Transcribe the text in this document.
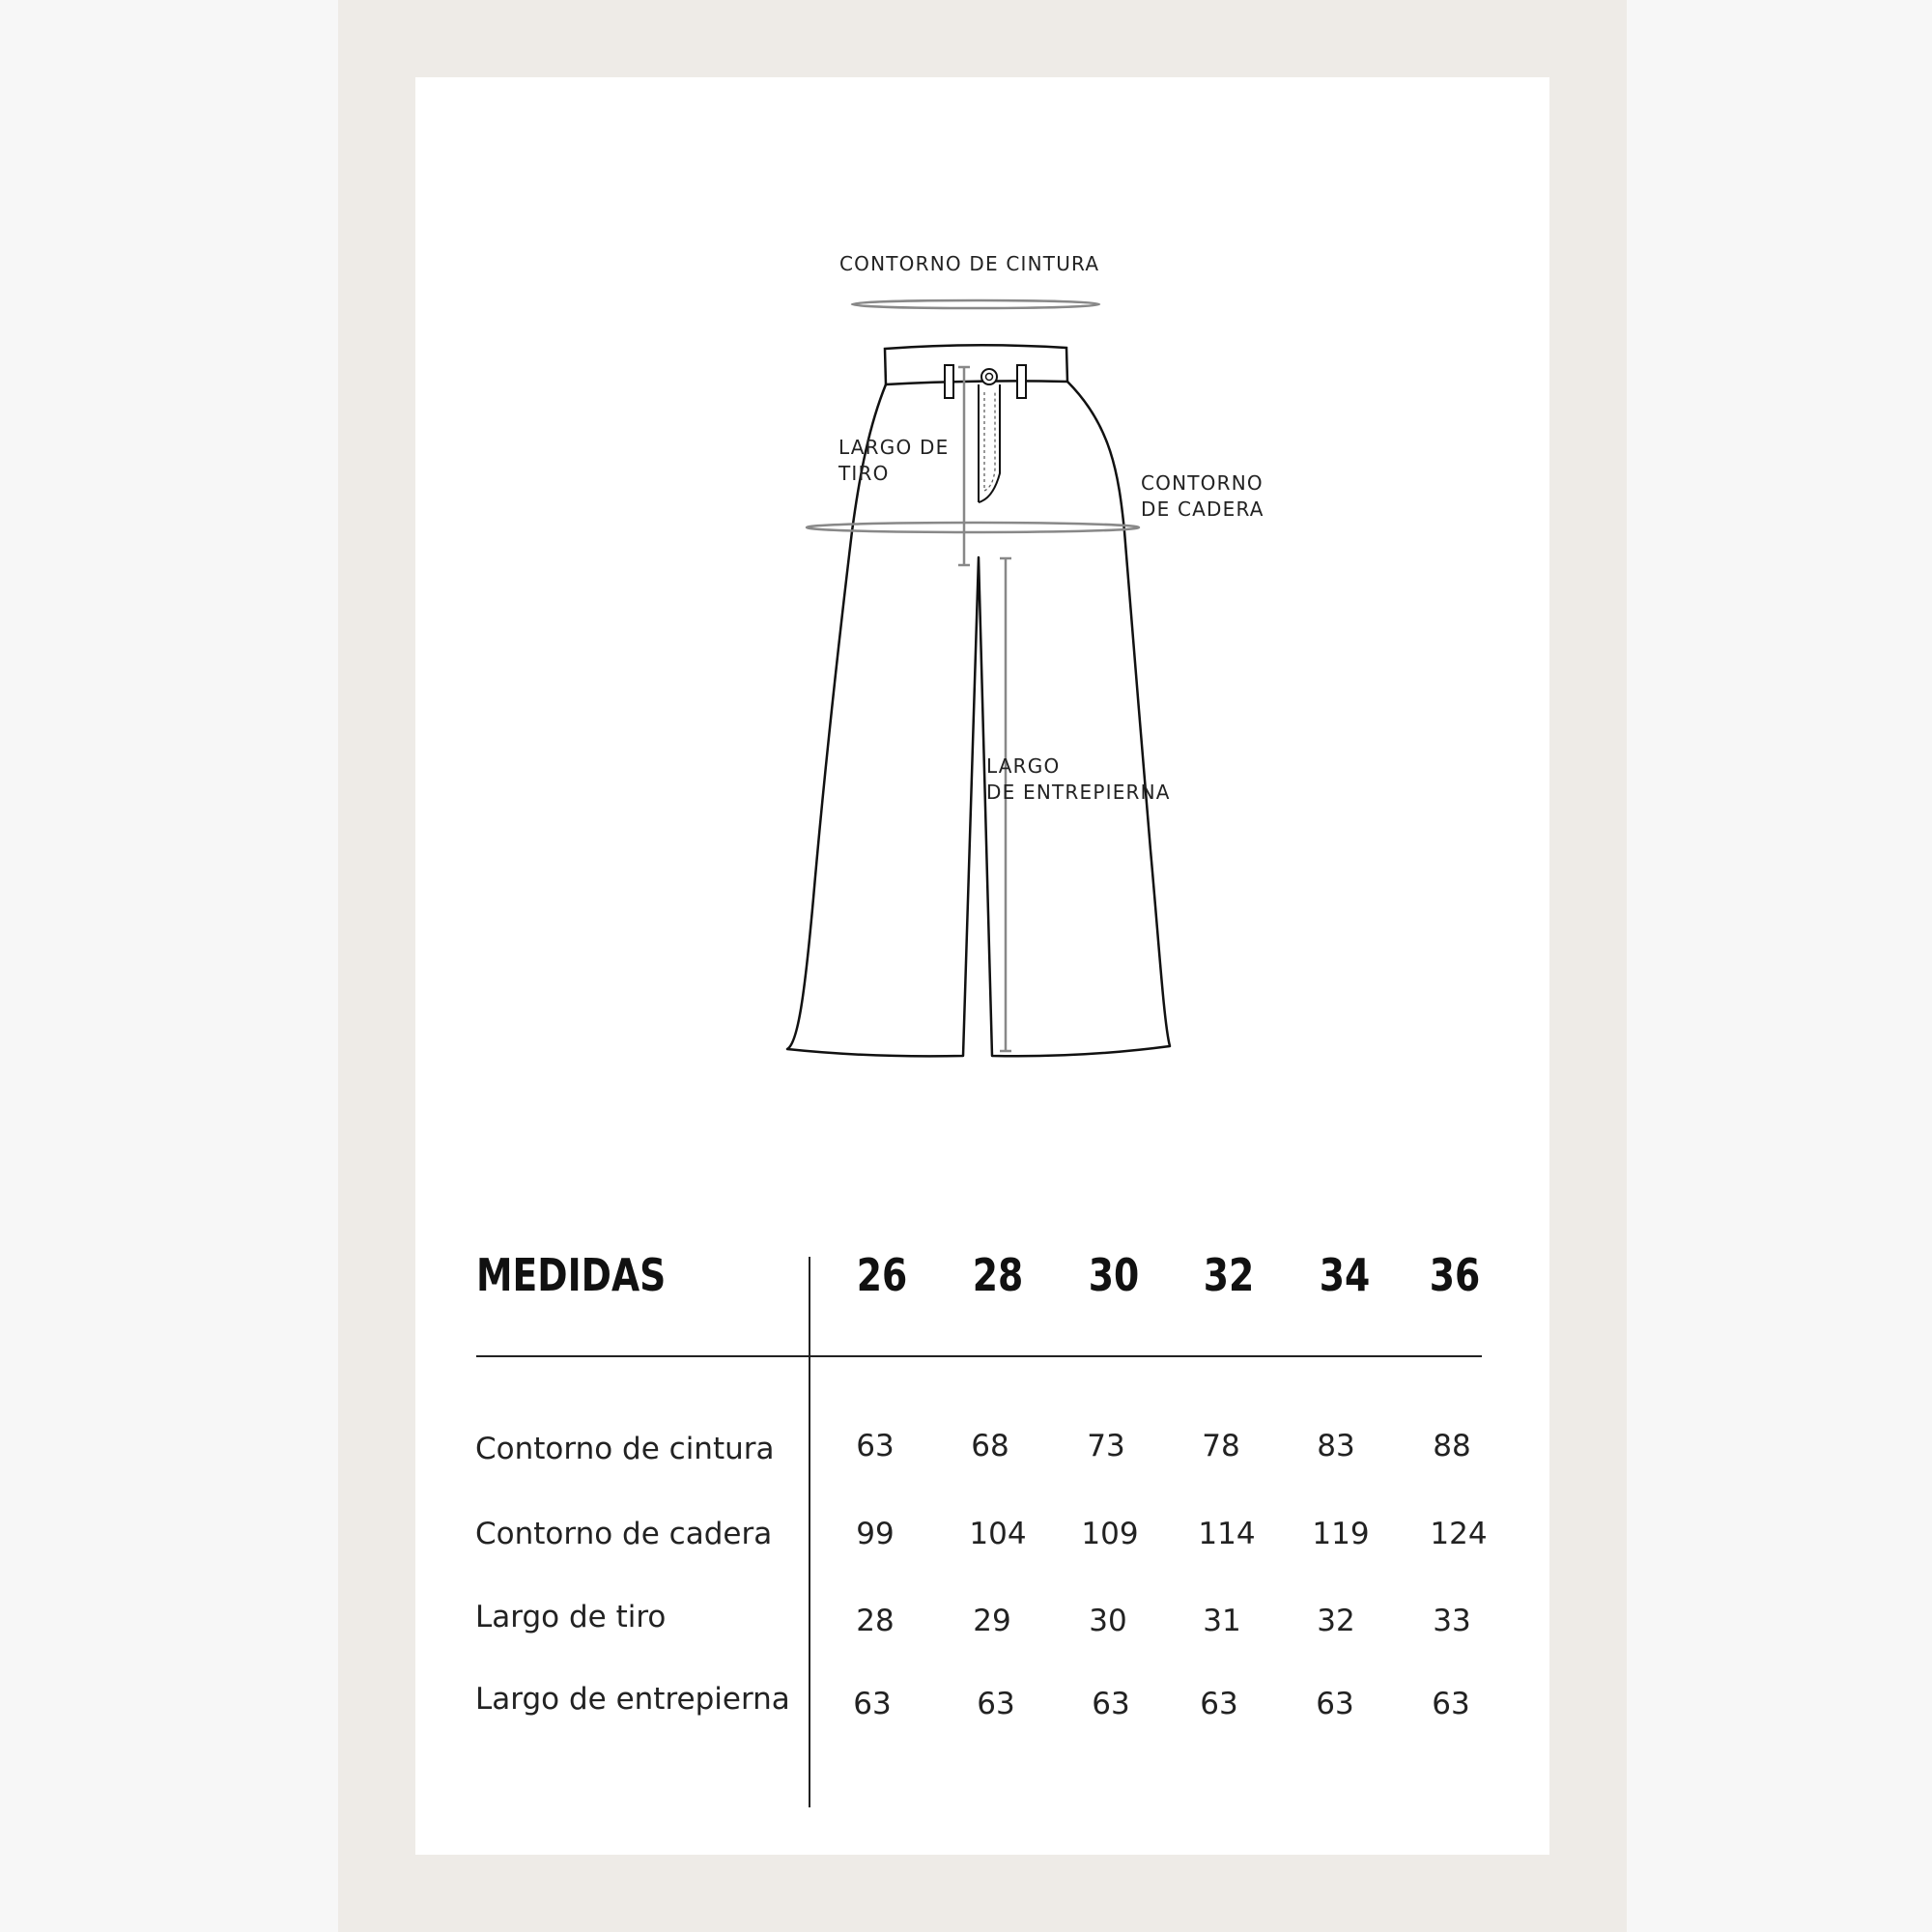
CONTORNO DE CINTURA

LARGO DE
TIRO	CONTORNO
DE CADERA

LARGO
DE ENTREPIERNA

MEDIDAS	26	28	30	32	34	36
Contorno de cintura	63	68	73	78	83	88
Contorno de cadera	99	104	109	114	119	124
Largo de tiro	28	29	30	31	32	33
Largo de entrepierna	63	63	63	63	63	63
